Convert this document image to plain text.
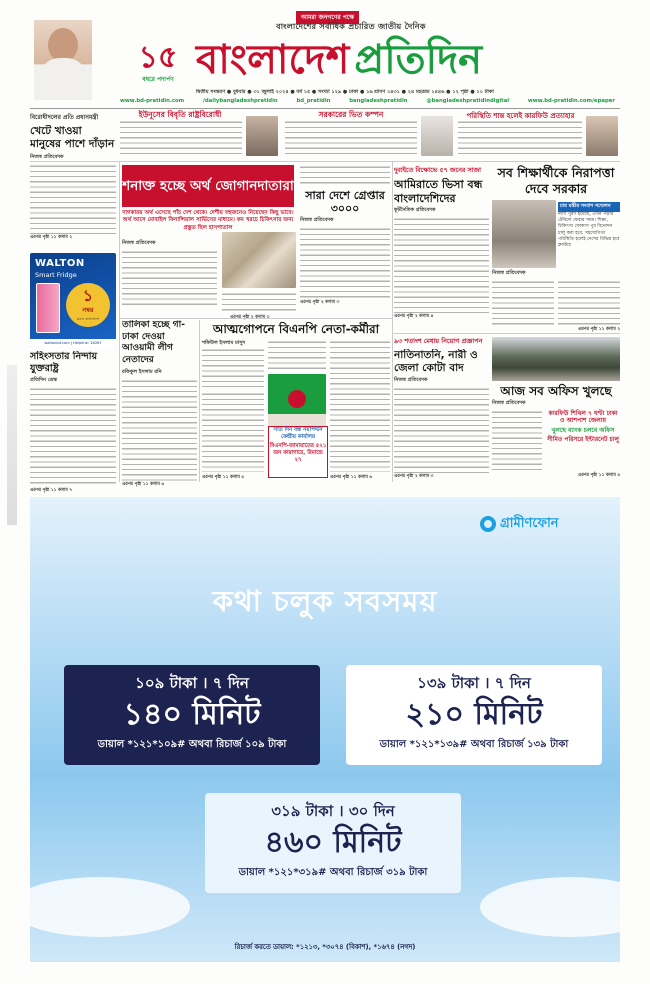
১৫
বছরে পদার্পণ
আমরা জনগণের পক্ষে
বাংলাদেশের সর্বাধিক প্রচারিত জাতীয় দৈনিক
বাংলাদেশ প্রতিদিন
দ্বিতীয় সংস্করণ ● বুধবার ● ৩১ জুলাই ২০২৪ ● বর্ষ ১৫ ● সংখ্যা ১২৯ ● ঢাকা ● ১৬ শ্রাবণ ১৪৩১ ● ২৪ মহররম ১৪৪৬ ● ১২ পৃষ্ঠা ● ১০ টাকা
www.bd-pratidin.com	/dailybangladeshpratidin	bd_pratidin	bangladeshpratidin	@bangladeshpratidindigital	www.bd-pratidin.com/epaper
ইউনূসের বিবৃতি রাষ্ট্রবিরোধী	সরকারের ভিত কম্পন	পরিস্থিতি শান্ত হলেই কারফিউ প্রত্যাহার
বিরোধীদলের প্রতি প্রধানমন্ত্রী
খেটে খাওয়া মানুষের পাশে দাঁড়ান
নিজস্ব প্রতিবেদক
এরপর পৃষ্ঠা ১১ কলাম ২
WALTON
Smart Fridge
১
নম্বর
ব্র্যান্ড বাংলাদেশ
waltonbd.com | Helpline: 16267
সহিংসতার নিন্দায় যুক্তরাষ্ট্র
প্রতিদিন ডেস্ক
এরপর পৃষ্ঠা ১১ কলাম ৭
শনাক্ত হচ্ছে অর্থ জোগানদাতারা
দাগকারয় অর্থ এসেছে পাঁচ দেশ থেকে। দেশীয় বহুজনেও নিয়েছেন কিছু ভাবে। অর্থ আসে মোবাইল ফিনান্সিয়াল সার্ভিসের মাধ্যমে। কম খরচে চিকিৎসার জন্য প্রস্তুত ছিল হাসপাতাল
নিজস্ব প্রতিবেদক
সারা দেশে গ্রেপ্তার ৩০০০
নিজস্ব প্রতিবেদক
এরপর পৃষ্ঠা ২ কলাম ৩
দুবাইতে বিক্ষোভে ৫৭ জনের সাজা
আমিরাতে ভিসা বন্ধ বাংলাদেশিদের
কূটনৈতিক প্রতিবেদক
এরপর পৃষ্ঠা ২ কলাম ৪
সব শিক্ষার্থীকে নিরাপত্তা দেবে সরকার
চার মন্ত্রীর সংবাদ সম্মেলন
নাগি পুরণ হয়েছে, এখন পড়ার টেবিলে ফেরার সময়। শিক্ষা, চিকিৎসা ফোকাস পুর বিনোদন চালু করা হবে, সহযোগিতা পরিস্থিতি হলেই দেশের বিভিন্ন হবে ক্লাস্টার
নিজস্ব প্রতিবেদক
এরপর পৃষ্ঠা ১১ কলাম ২
৯৩ শতাংশ মেধায় নিয়োগ প্রজ্ঞাপন
নাতিনাতনি, নারী ও জেলা কোটা বাদ
নিজস্ব প্রতিবেদক
এরপর পৃষ্ঠা ২ কলাম ৩
আজ সব অফিস খুলছে
নিজস্ব প্রতিবেদক
কারফিউ শিথিল ৭ ঘণ্টা ঢাকা ও আশপাশ জেলায়
খুলছে ব্যাংক চলবে অফিস
সীমিত পরিসরে ইন্টারনেট চালু
এরপর পৃষ্ঠা ১১ কলাম ৪
তালিকা হচ্ছে গা-ঢাকা দেওয়া আওয়ামী লীগ নেতাদের
রফিকুল ইসলাম রনি
এরপর পৃষ্ঠা ১১ কলাম ৬
আত্মগোপনে বিএনপি নেতা-কর্মীরা
শফিউল ইসলাম মাসুদ
সাত দিন বন্ধ নয়াপল্টন
কেন্দ্রীয় কার্যালয়
বিএনপি-জামায়াতের ৫২১
জন কারাগারে, রিমান্ডে ২৭
এরপর পৃষ্ঠা ১১ কলাম ৫	এরপর পৃষ্ঠা ১১ কলাম ৬
গ্রামীণফোন
কথা চলুক সবসময়
১০৯ টাকা । ৭ দিন
১৪০ মিনিট
ডায়াল *১২১*১০৯# অথবা রিচার্জ ১০৯ টাকা
১৩৯ টাকা । ৭ দিন
২১০ মিনিট
ডায়াল *১২১*১৩৯# অথবা রিচার্জ ১৩৯ টাকা
৩১৯ টাকা । ৩০ দিন
৪৬০ মিনিট
ডায়াল *১২১*৩১৯# অথবা রিচার্জ ৩১৯ টাকা
রিচার্জ করতে ডায়াল: *১২১৩, *৩০৭৪ (বিকাশ), *১৬৭৪ (নগদ)
